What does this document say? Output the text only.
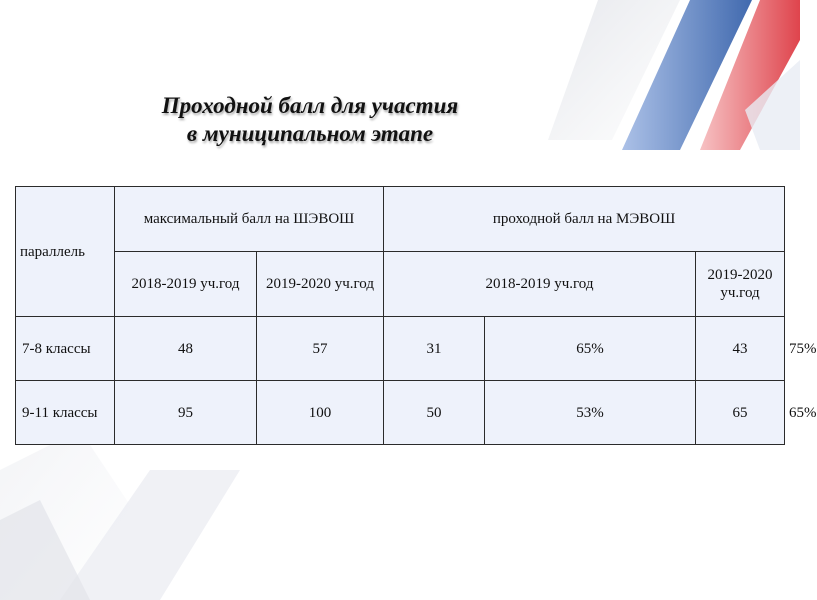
Проходной балл для участия
в муниципальном этапе
параллель	максимальный балл на ШЭВОШ		проходной балл на МЭВОШ			
	2018-2019 уч.год	2019-2020 уч.год	2018-2019 уч.год		2019-2020 уч.год	
7-8 классы	48	57	31	65%	43	75%
9-11 классы	95	100	50	53%	65	65%
